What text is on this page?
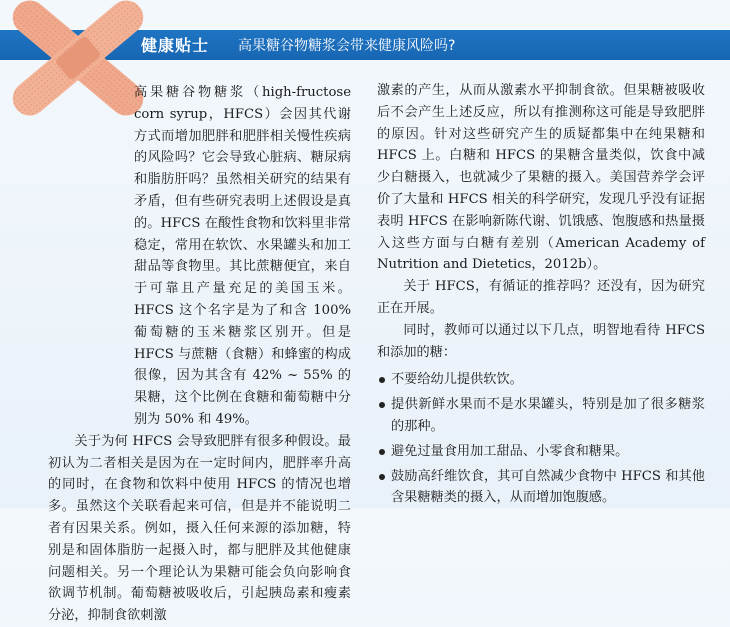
健康贴士 高果糖谷物糖浆会带来健康风险吗?

高果糖谷物糖浆（high-fructose corn syrup，HFCS）会因其代谢方式而增加肥胖和肥胖相关慢性疾病的风险吗？它会导致心脏病、糖尿病和脂肪肝吗？虽然相关研究的结果有矛盾，但有些研究表明上述假设是真的。HFCS 在酸性食物和饮料里非常稳定，常用在软饮、水果罐头和加工甜品等食物里。其比蔗糖便宜，来自于可靠且产量充足的美国玉米。HFCS 这个名字是为了和含 100% 葡萄糖的玉米糖浆区别开。但是 HFCS 与蔗糖（食糖）和蜂蜜的构成很像，因为其含有 42% ~ 55% 的果糖，这个比例在食糖和葡萄糖中分别为 50% 和 49%。

关于为何 HFCS 会导致肥胖有很多种假设。最初认为二者相关是因为在一定时间内，肥胖率升高的同时，在食物和饮料中使用 HFCS 的情况也增多。虽然这个关联看起来可信，但是并不能说明二者有因果关系。例如，摄入任何来源的添加糖，特别是和固体脂肪一起摄入时，都与肥胖及其他健康问题相关。另一个理论认为果糖可能会负向影响食欲调节机制。葡萄糖被吸收后，引起胰岛素和瘦素分泌，抑制食欲刺激

激素的产生，从而从激素水平抑制食欲。但果糖被吸收后不会产生上述反应，所以有推测称这可能是导致肥胖的原因。针对这些研究产生的质疑都集中在纯果糖和 HFCS 上。白糖和 HFCS 的果糖含量类似，饮食中减少白糖摄入，也就减少了果糖的摄入。美国营养学会评价了大量和 HFCS 相关的科学研究，发现几乎没有证据表明 HFCS 在影响新陈代谢、饥饿感、饱腹感和热量摄入这些方面与白糖有差别（American Academy of Nutrition and Dietetics，2012b）。

关于 HFCS，有循证的推荐吗？还没有，因为研究正在开展。

同时，教师可以通过以下几点，明智地看待 HFCS 和添加的糖：

不要给幼儿提供软饮。
提供新鲜水果而不是水果罐头，特别是加了很多糖浆的那种。
避免过量食用加工甜品、小零食和糖果。
鼓励高纤维饮食，其可自然减少食物中 HFCS 和其他含果糖糖类的摄入，从而增加饱腹感。
